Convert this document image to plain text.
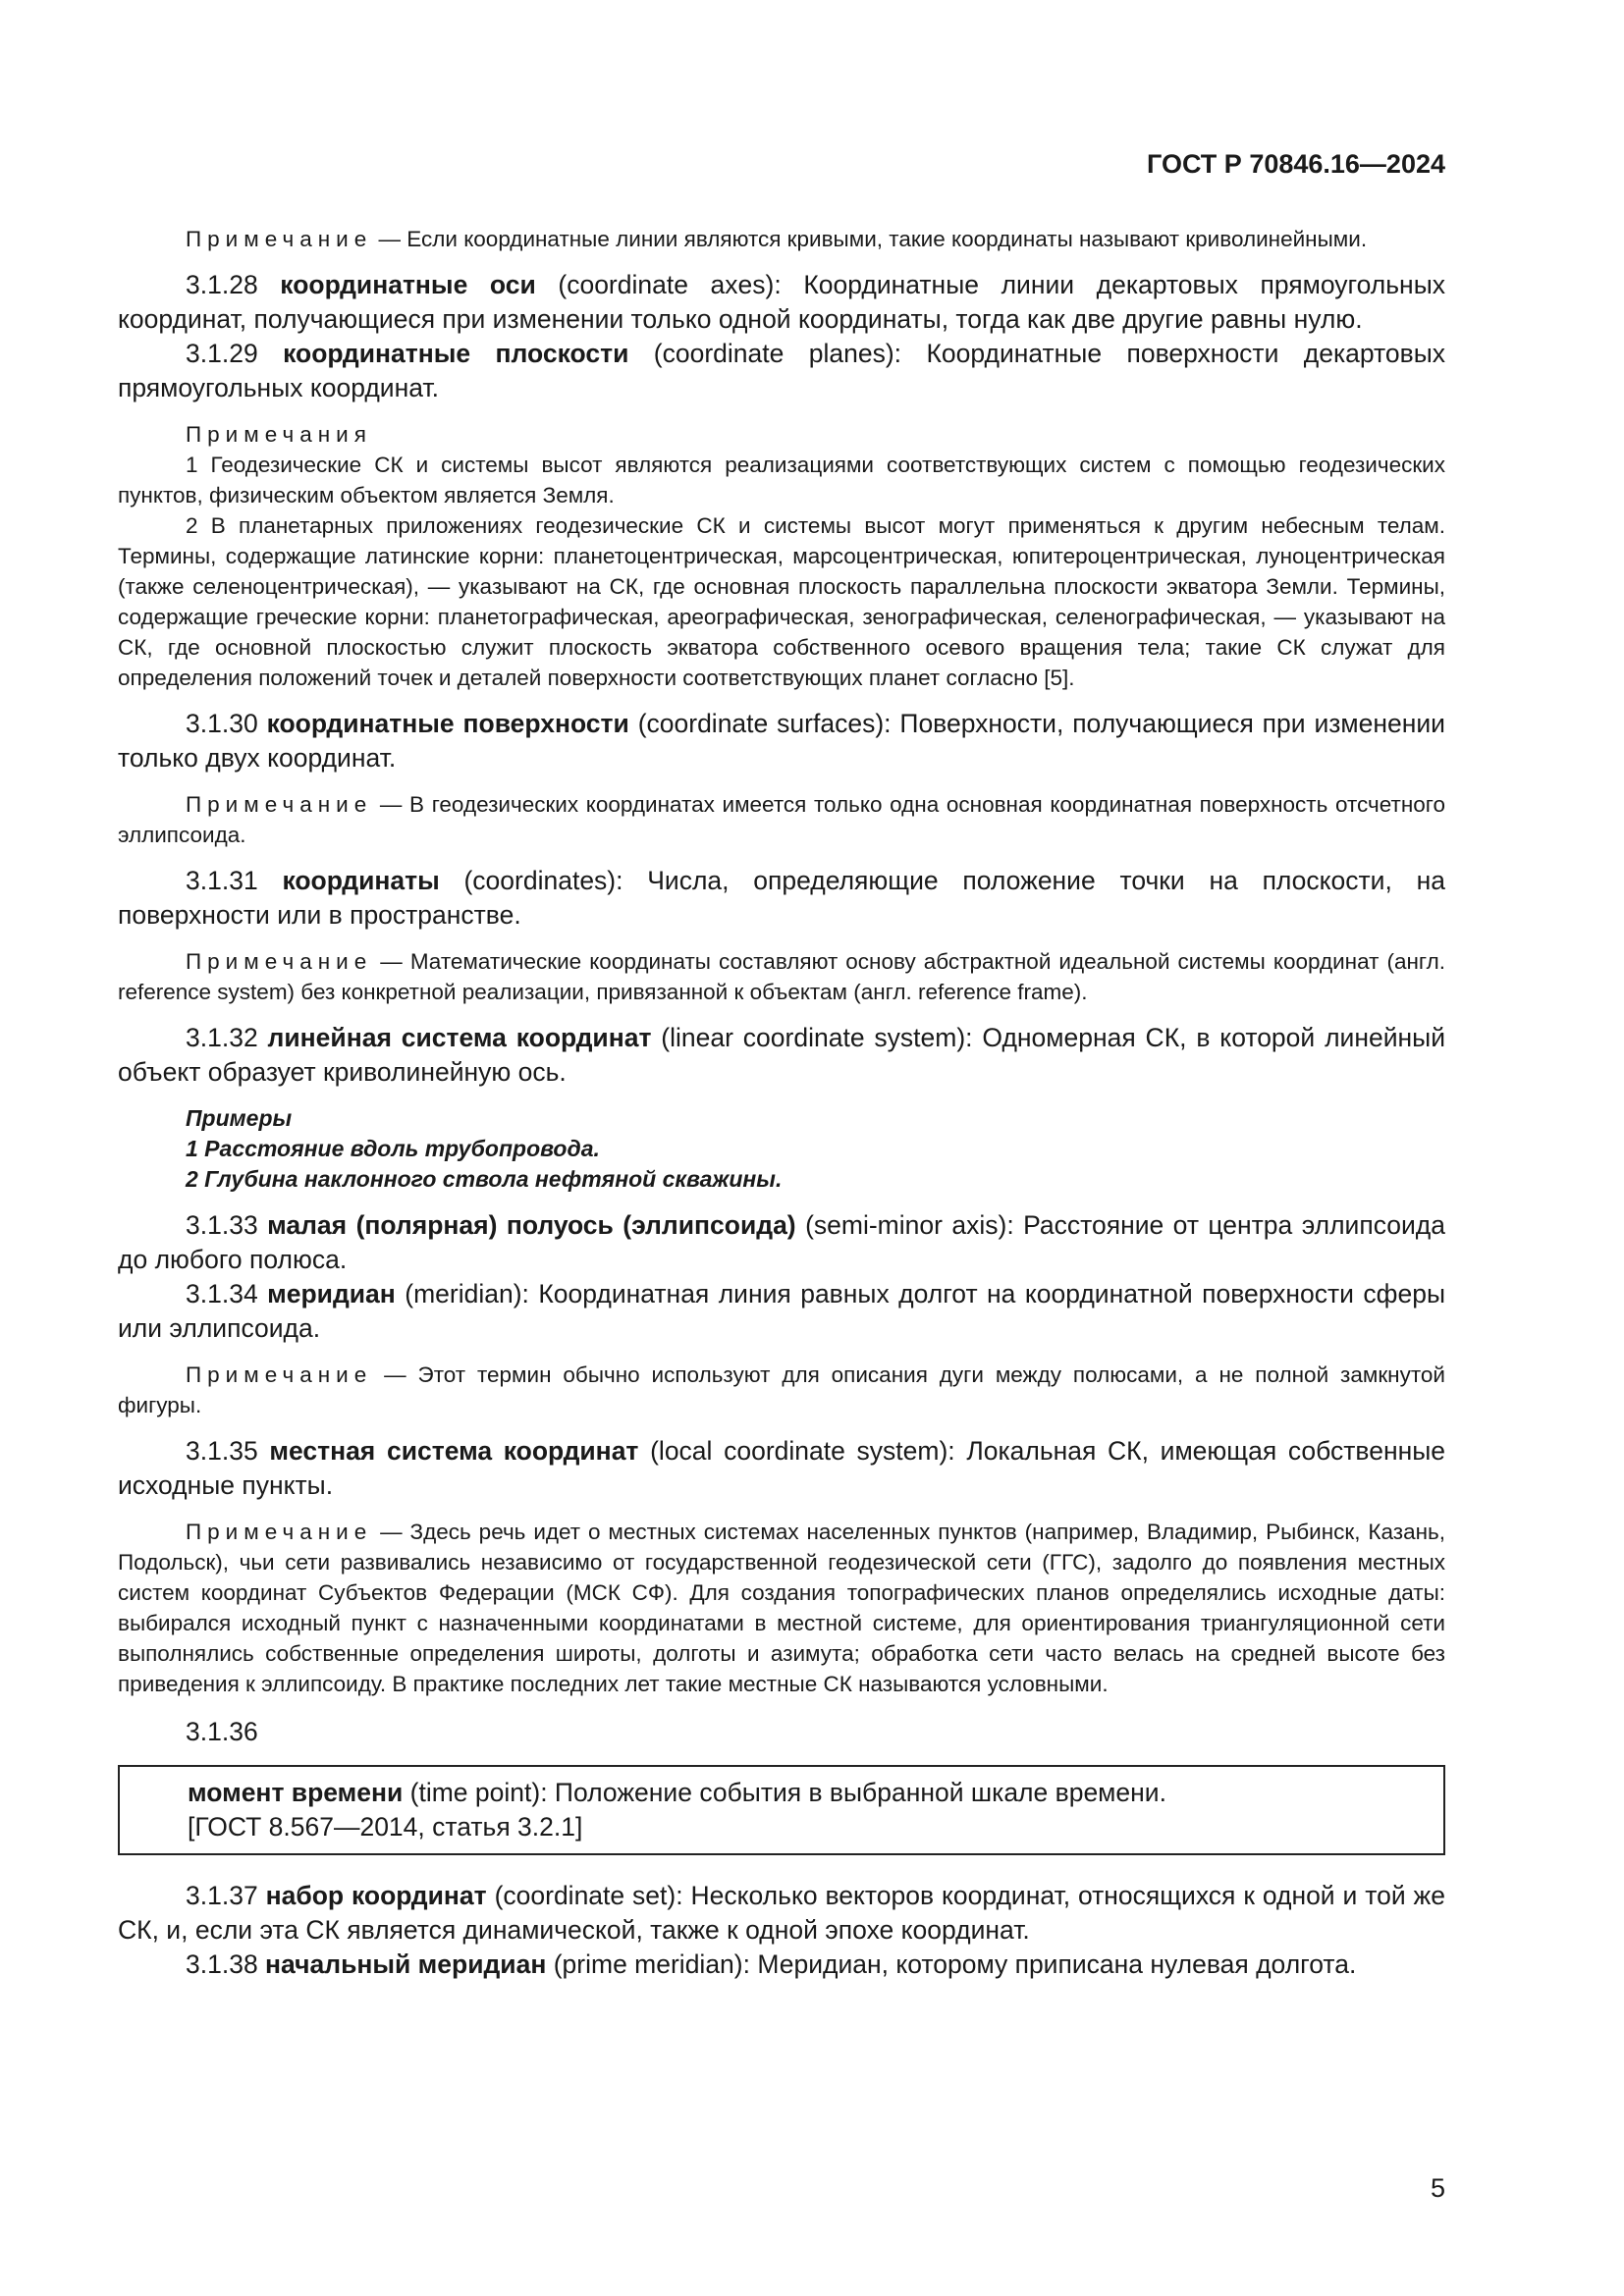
ГОСТ Р 70846.16—2024

Примечание — Если координатные линии являются кривыми, такие координаты называют криволинейными.

3.1.28 координатные оси (coordinate axes): Координатные линии декартовых прямоугольных координат, получающиеся при изменении только одной координаты, тогда как две другие равны нулю.

3.1.29 координатные плоскости (coordinate planes): Координатные поверхности декартовых прямоугольных координат.

Примечания

1 Геодезические СК и системы высот являются реализациями соответствующих систем с помощью геодезических пунктов, физическим объектом является Земля.

2 В планетарных приложениях геодезические СК и системы высот могут применяться к другим небесным телам. Термины, содержащие латинские корни: планетоцентрическая, марсоцентрическая, юпитероцентрическая, луноцентрическая (также селеноцентрическая), — указывают на СК, где основная плоскость параллельна плоскости экватора Земли. Термины, содержащие греческие корни: планетографическая, ареографическая, зенографическая, селенографическая, — указывают на СК, где основной плоскостью служит плоскость экватора собственного осевого вращения тела; такие СК служат для определения положений точек и деталей поверхности соответствующих планет согласно [5].

3.1.30 координатные поверхности (coordinate surfaces): Поверхности, получающиеся при изменении только двух координат.

Примечание — В геодезических координатах имеется только одна основная координатная поверхность отсчетного эллипсоида.

3.1.31 координаты (coordinates): Числа, определяющие положение точки на плоскости, на поверхности или в пространстве.

Примечание — Математические координаты составляют основу абстрактной идеальной системы координат (англ. reference system) без конкретной реализации, привязанной к объектам (англ. reference frame).

3.1.32 линейная система координат (linear coordinate system): Одномерная СК, в которой линейный объект образует криволинейную ось.

Примеры

1 Расстояние вдоль трубопровода.

2 Глубина наклонного ствола нефтяной скважины.

3.1.33 малая (полярная) полуось (эллипсоида) (semi-minor axis): Расстояние от центра эллипсоида до любого полюса.

3.1.34 меридиан (meridian): Координатная линия равных долгот на координатной поверхности сферы или эллипсоида.

Примечание — Этот термин обычно используют для описания дуги между полюсами, а не полной замкнутой фигуры.

3.1.35 местная система координат (local coordinate system): Локальная СК, имеющая собственные исходные пункты.

Примечание — Здесь речь идет о местных системах населенных пунктов (например, Владимир, Рыбинск, Казань, Подольск), чьи сети развивались независимо от государственной геодезической сети (ГГС), задолго до появления местных систем координат Субъектов Федерации (МСК СФ). Для создания топографических планов определялись исходные даты: выбирался исходный пункт с назначенными координатами в местной системе, для ориентирования триангуляционной сети выполнялись собственные определения широты, долготы и азимута; обработка сети часто велась на средней высоте без приведения к эллипсоиду. В практике последних лет такие местные СК называются условными.

3.1.36

момент времени (time point): Положение события в выбранной шкале времени.

[ГОСТ 8.567—2014, статья 3.2.1]

3.1.37 набор координат (coordinate set): Несколько векторов координат, относящихся к одной и той же СК, и, если эта СК является динамической, также к одной эпохе координат.

3.1.38 начальный меридиан (prime meridian): Меридиан, которому приписана нулевая долгота.

5
